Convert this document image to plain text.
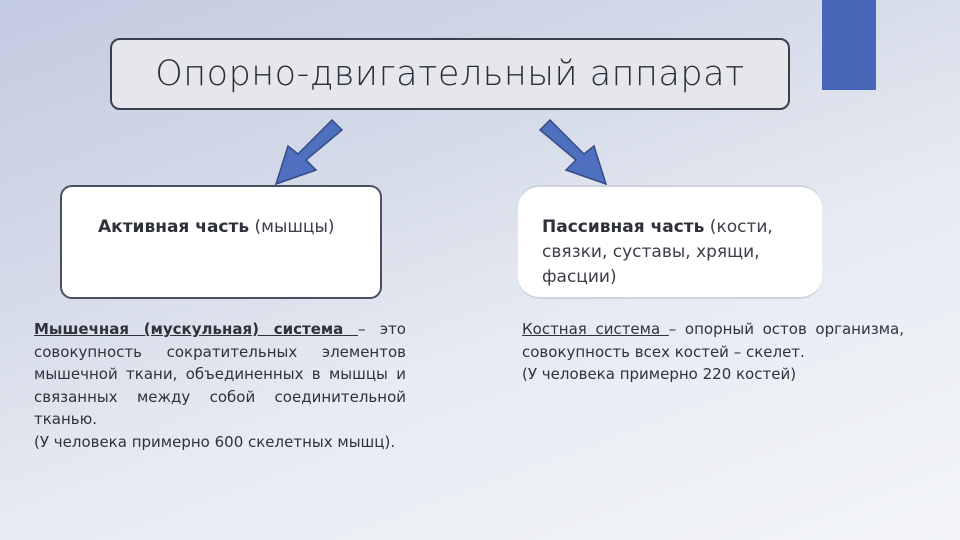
Опорно-двигательный аппарат
Активная часть (мышцы)	Пассивная часть (кости, связки, суставы, хрящи, фасции)

Мышечная (мускульная) система – это совокупность сократительных элементов мышечной ткани, объединенных в мышцы и связанных между собой соединительной тканью.

(У человека примерно 600 скелетных мышц).

Костная система – опорный остов организма, совокупность всех костей – скелет.

(У человека примерно 220 костей)
